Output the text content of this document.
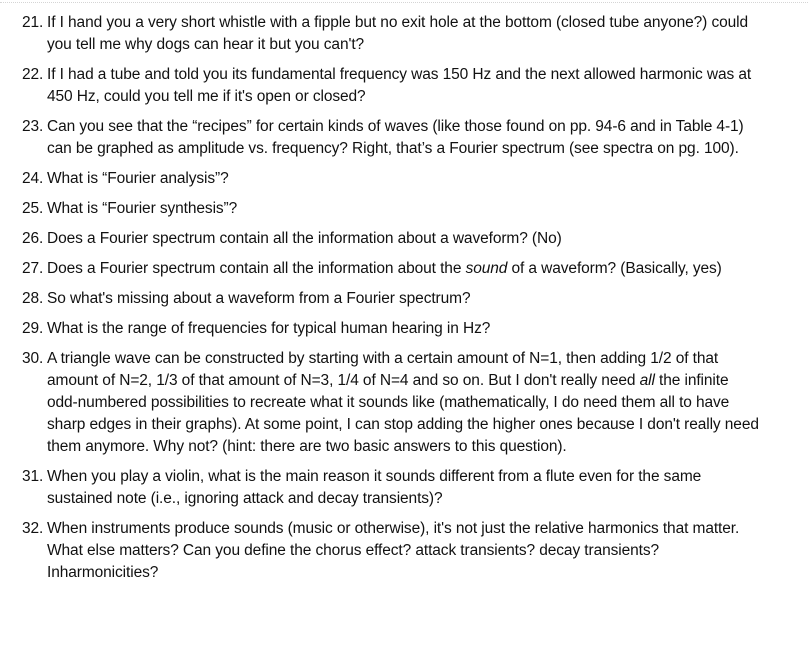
21 . If I hand you a very short whistle with a fipple but no exit hole at the bottom (closed tube anyone?) could you tell me why dogs can hear it but you can't?
22 . If I had a tube and told you its fundamental frequency was 150 Hz and the next allowed harmonic was at 450 Hz, could you tell me if it's open or closed?
23 . Can you see that the “recipes” for certain kinds of waves (like those found on pp. 94-6 and in Table 4-1) can be graphed as amplitude vs. frequency? Right, that’s a Fourier spectrum (see spectra on pg. 100).
24 . What is “Fourier analysis”?
25 . What is “Fourier synthesis”?
26 . Does a Fourier spectrum contain all the information about a waveform? (No)
27 . Does a Fourier spectrum contain all the information about the sound of a waveform? (Basically, yes)
28 . So what's missing about a waveform from a Fourier spectrum?
29 . What is the range of frequencies for typical human hearing in Hz?
30 . A triangle wave can be constructed by starting with a certain amount of N=1, then adding 1/2 of that amount of N=2, 1/3 of that amount of N=3, 1/4 of N=4 and so on. But I don't really need all the infinite odd-numbered possibilities to recreate what it sounds like (mathematically, I do need them all to have sharp edges in their graphs). At some point, I can stop adding the higher ones because I don't really need them anymore. Why not? (hint: there are two basic answers to this question).
31 . When you play a violin, what is the main reason it sounds different from a flute even for the same sustained note (i.e., ignoring attack and decay transients)?
32 . When instruments produce sounds (music or otherwise), it's not just the relative harmonics that matter. What else matters? Can you define the chorus effect? attack transients? decay transients? Inharmonicities?
